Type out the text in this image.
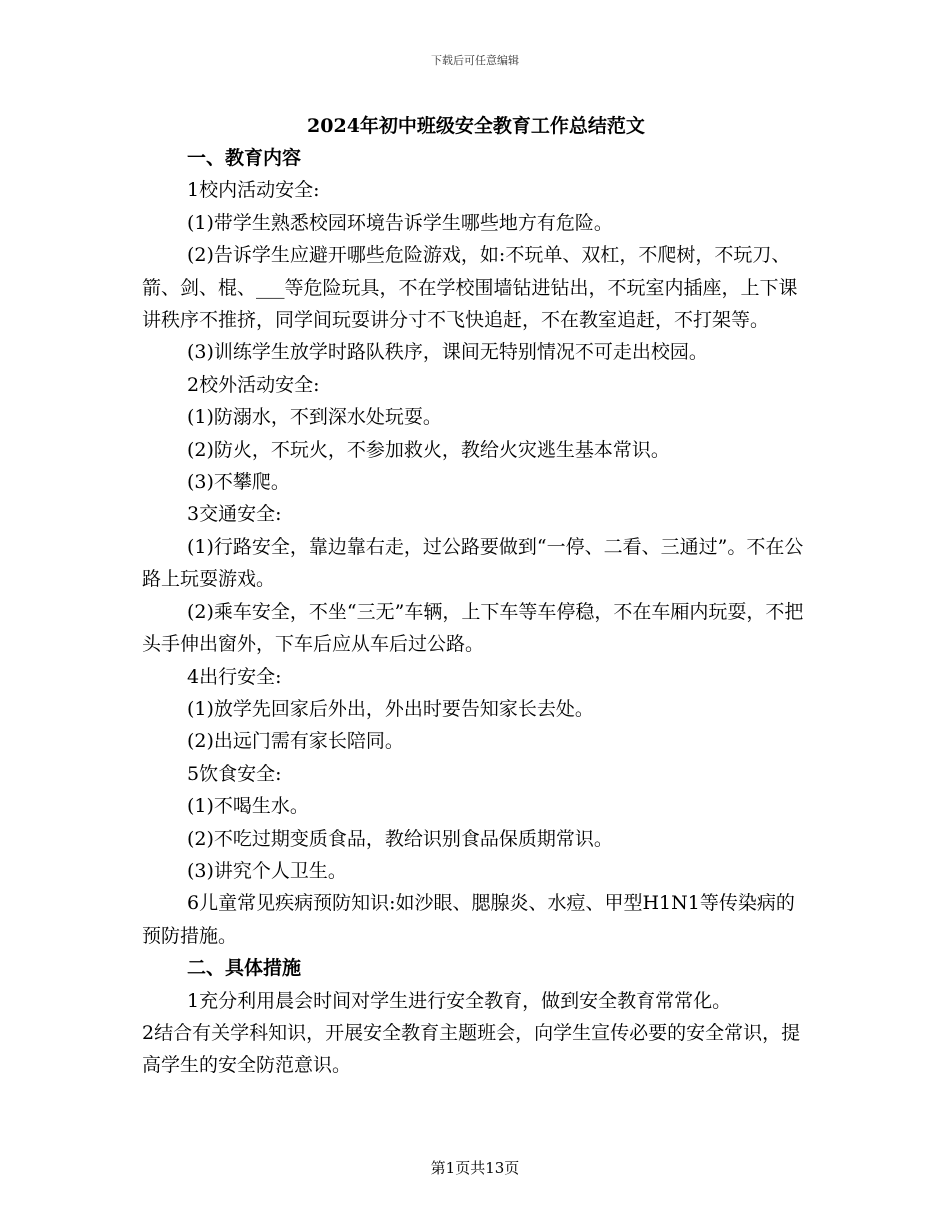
下载后可任意编辑
2024年初中班级安全教育工作总结范文

一、教育内容

1校内活动安全:

(1)带学生熟悉校园环境告诉学生哪些地方有危险。

(2)告诉学生应避开哪些危险游戏，如:不玩单、双杠，不爬树，不玩刀、箭、剑、棍、___等危险玩具，不在学校围墙钻进钻出，不玩室内插座，上下课讲秩序不推挤，同学间玩耍讲分寸不飞快追赶，不在教室追赶，不打架等。

(3)训练学生放学时路队秩序，课间无特别情况不可走出校园。

2校外活动安全:

(1)防溺水，不到深水处玩耍。

(2)防火，不玩火，不参加救火，教给火灾逃生基本常识。

(3)不攀爬。

3交通安全:

(1)行路安全，靠边靠右走，过公路要做到“一停、二看、三通过”。不在公路上玩耍游戏。

(2)乘车安全，不坐“三无”车辆，上下车等车停稳，不在车厢内玩耍，不把头手伸出窗外，下车后应从车后过公路。

4出行安全:

(1)放学先回家后外出，外出时要告知家长去处。

(2)出远门需有家长陪同。

5饮食安全:

(1)不喝生水。

(2)不吃过期变质食品，教给识别食品保质期常识。

(3)讲究个人卫生。

6儿童常见疾病预防知识:如沙眼、腮腺炎、水痘、甲型H1N1等传染病的预防措施。

二、具体措施

1充分利用晨会时间对学生进行安全教育，做到安全教育常常化。

2结合有关学科知识，开展安全教育主题班会，向学生宣传必要的安全常识，提高学生的安全防范意识。

第1页共13页
